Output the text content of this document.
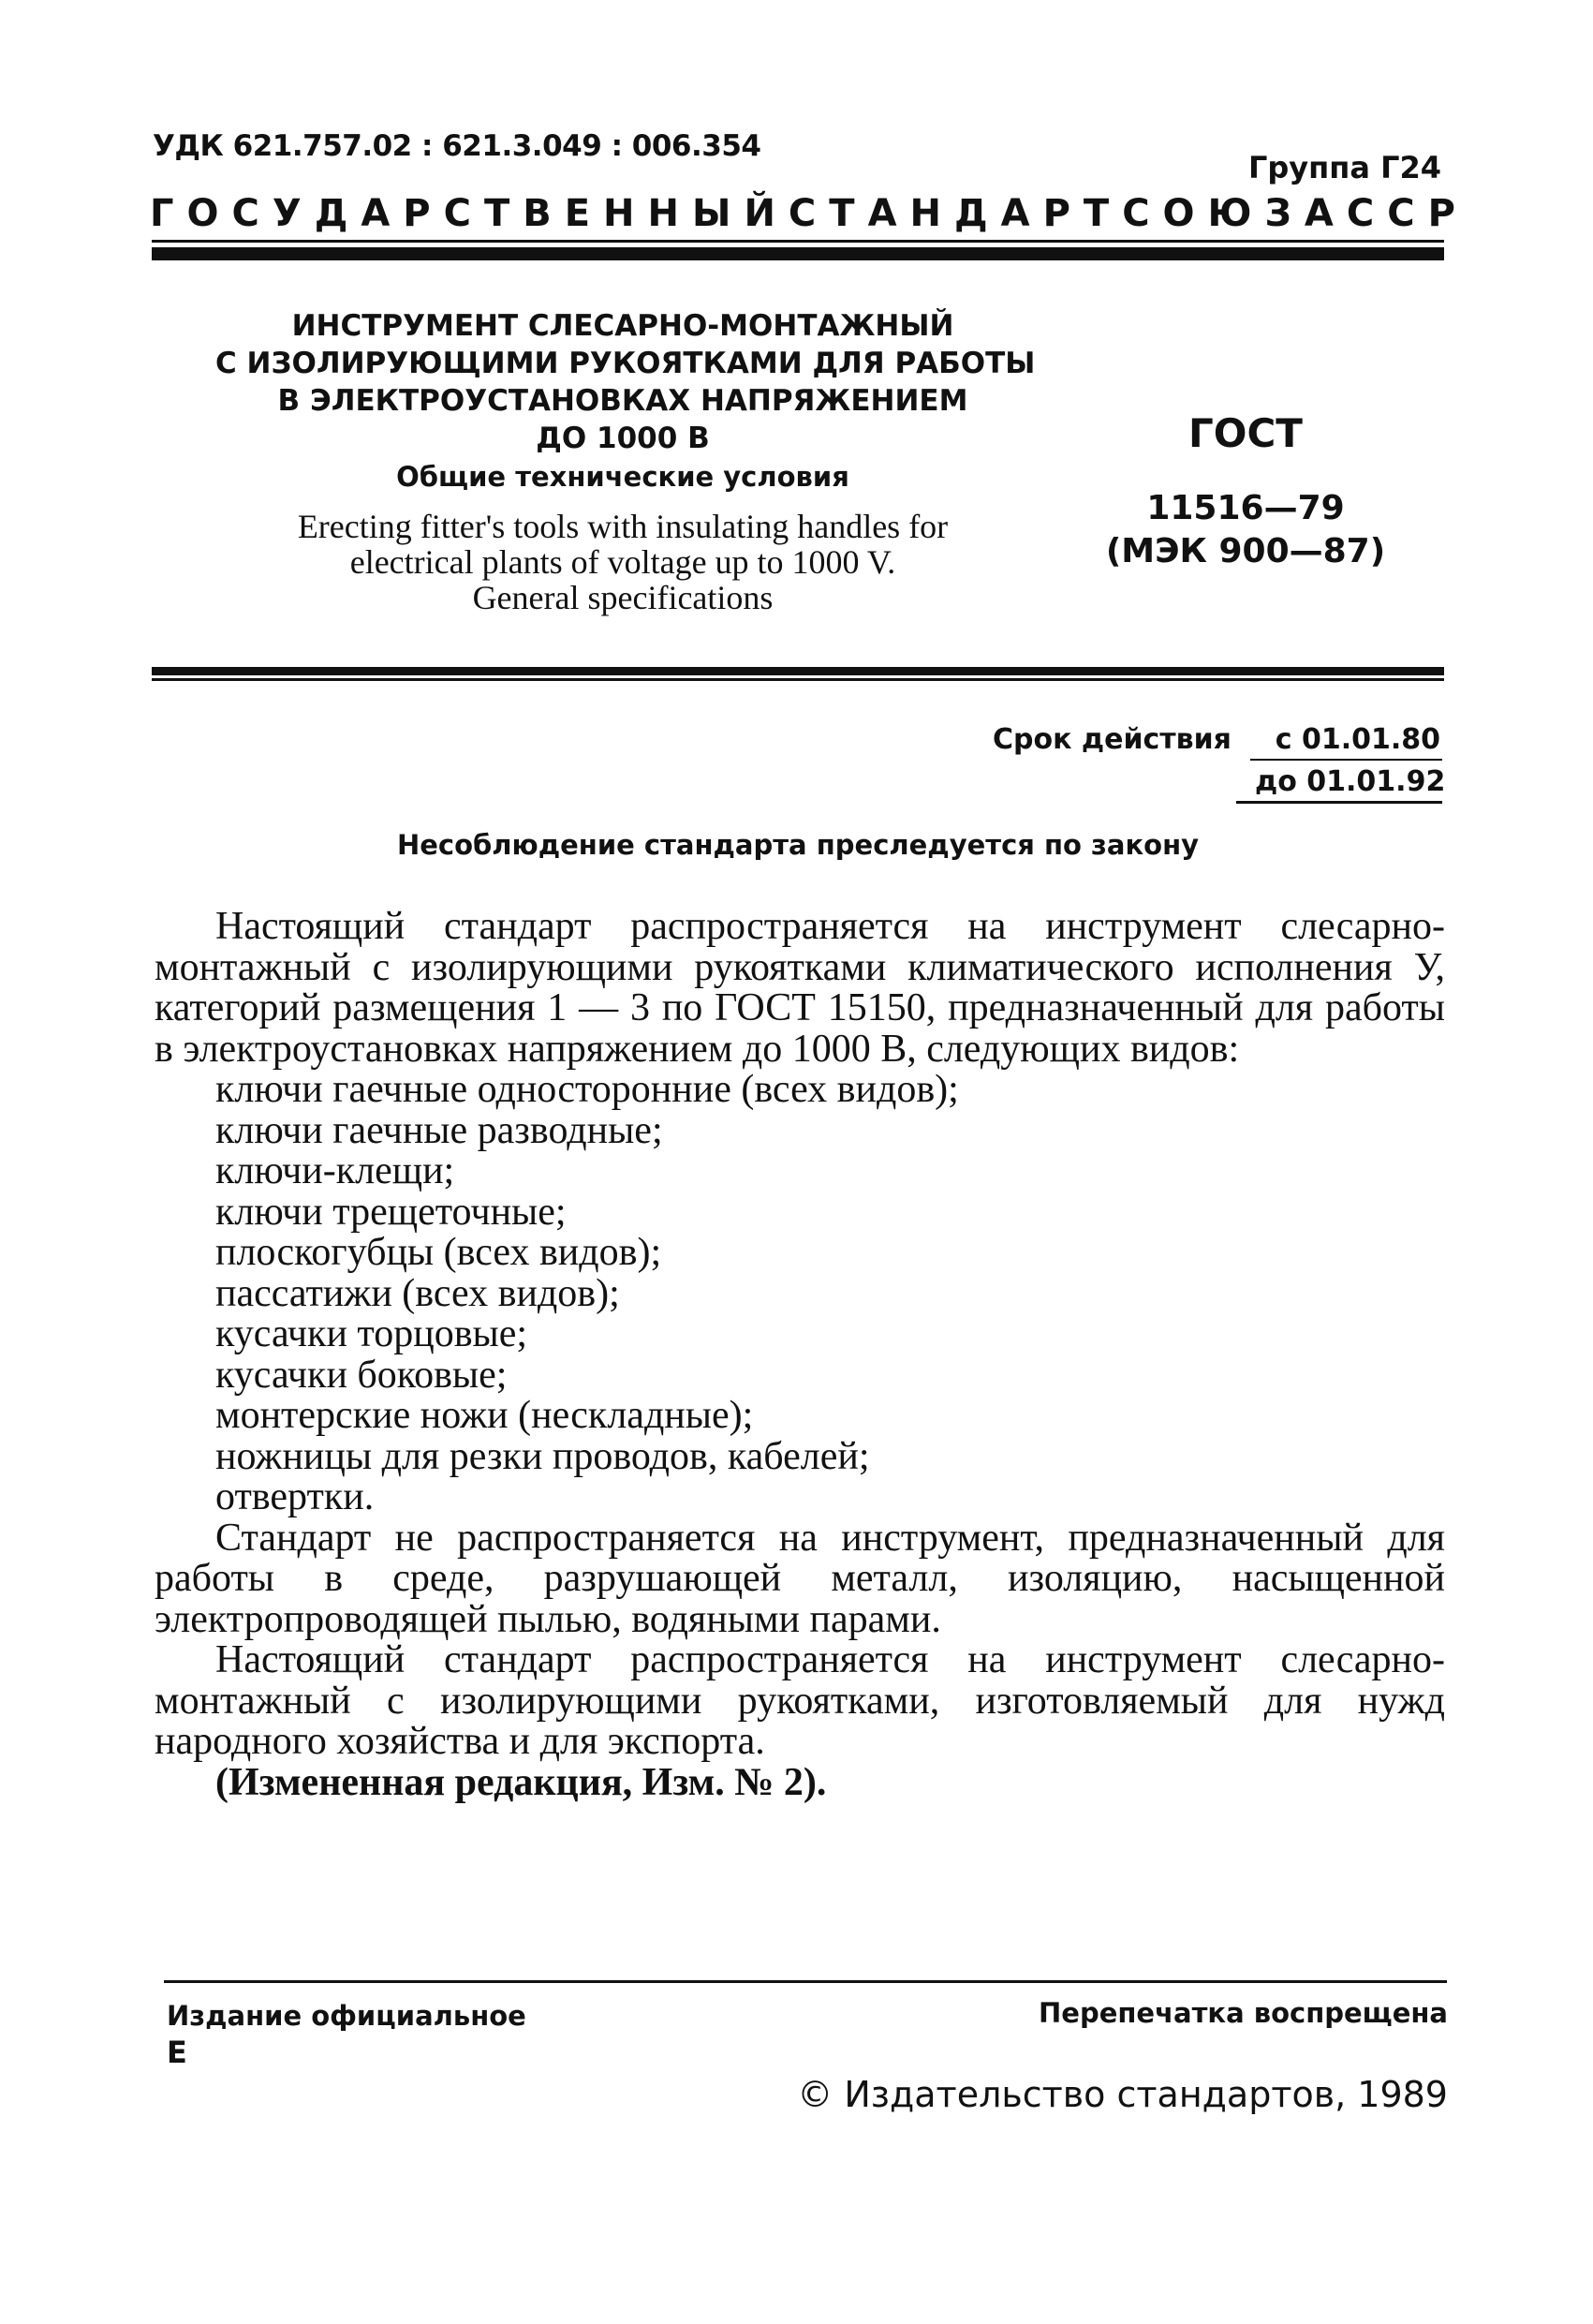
УДК 621.757.02 : 621.3.049 : 006.354
Группа Г24
ГОСУДАРСТВЕННЫЙ СТАНДАРТ СОЮЗА ССР
ИНСТРУМЕНТ СЛЕСАРНО-МОНТАЖНЫЙ
С ИЗОЛИРУЮЩИМИ РУКОЯТКАМИ ДЛЯ РАБОТЫ
В ЭЛЕКТРОУСТАНОВКАХ НАПРЯЖЕНИЕМ
ДО 1000 В
Общие технические условия
Erecting fitter's tools with insulating handles for
electrical plants of voltage up to 1000 V.
General specifications
ГОСТ
11516—79
(МЭК 900—87)
Срок действия	с 01.01.80
до 01.01.92
Несоблюдение стандарта преследуется по закону

Настоящий стандарт распространяется на инструмент слесарно-монтажный с изолирующими рукоятками климатического исполнения У, категорий размещения 1 — 3 по ГОСТ 15150, предназначенный для работы в электроустановках напряжением до 1000 В, следующих видов:

ключи гаечные односторонние (всех видов);

ключи гаечные разводные;

ключи-клещи;

ключи трещеточные;

плоскогубцы (всех видов);

пассатижи (всех видов);

кусачки торцовые;

кусачки боковые;

монтерские ножи (нескладные);

ножницы для резки проводов, кабелей;

отвертки.

Стандарт не распространяется на инструмент, предназначенный для работы в среде, разрушающей металл, изоляцию, насыщенной электропроводящей пылью, водяными парами.

Настоящий стандарт распространяется на инструмент слесарно-монтажный с изолирующими рукоятками, изготовляемый для нужд народного хозяйства и для экспорта.

(Измененная редакция, Изм. № 2).

Издание официальное
Е
Перепечатка воспрещена
© Издательство стандартов, 1989
